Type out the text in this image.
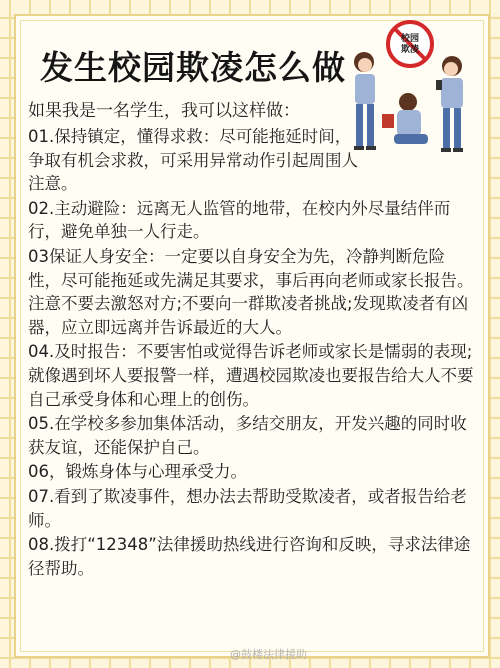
发生校园欺凌怎么做
校园
欺凌
如果我是一名学生，我可以这样做：
01.保持镇定，懂得求救：尽可能拖延时间，争取有机会求救，可采用异常动作引起周围人注意。
02.主动避险：远离无人监管的地带，在校内外尽量结伴而行，避免单独一人行走。
03保证人身安全：一定要以自身安全为先，冷静判断危险性，尽可能拖延或先满足其要求，事后再向老师或家长报告。注意不要去激怒对方;不要向一群欺凌者挑战;发现欺凌者有凶器，应立即远离并告诉最近的大人。
04.及时报告：不要害怕或觉得告诉老师或家长是懦弱的表现;就像遇到坏人要报警一样，遭遇校园欺凌也要报告给大人不要自己承受身体和心理上的创伤。
05.在学校多参加集体活动，多结交朋友，开发兴趣的同时收获友谊，还能保护自己。
06，锻炼身体与心理承受力。
07.看到了欺凌事件，想办法去帮助受欺凌者，或者报告给老师。
08.拨打“12348”法律援助热线进行咨询和反映，寻求法律途径帮助。
@鼓楼法律援助
